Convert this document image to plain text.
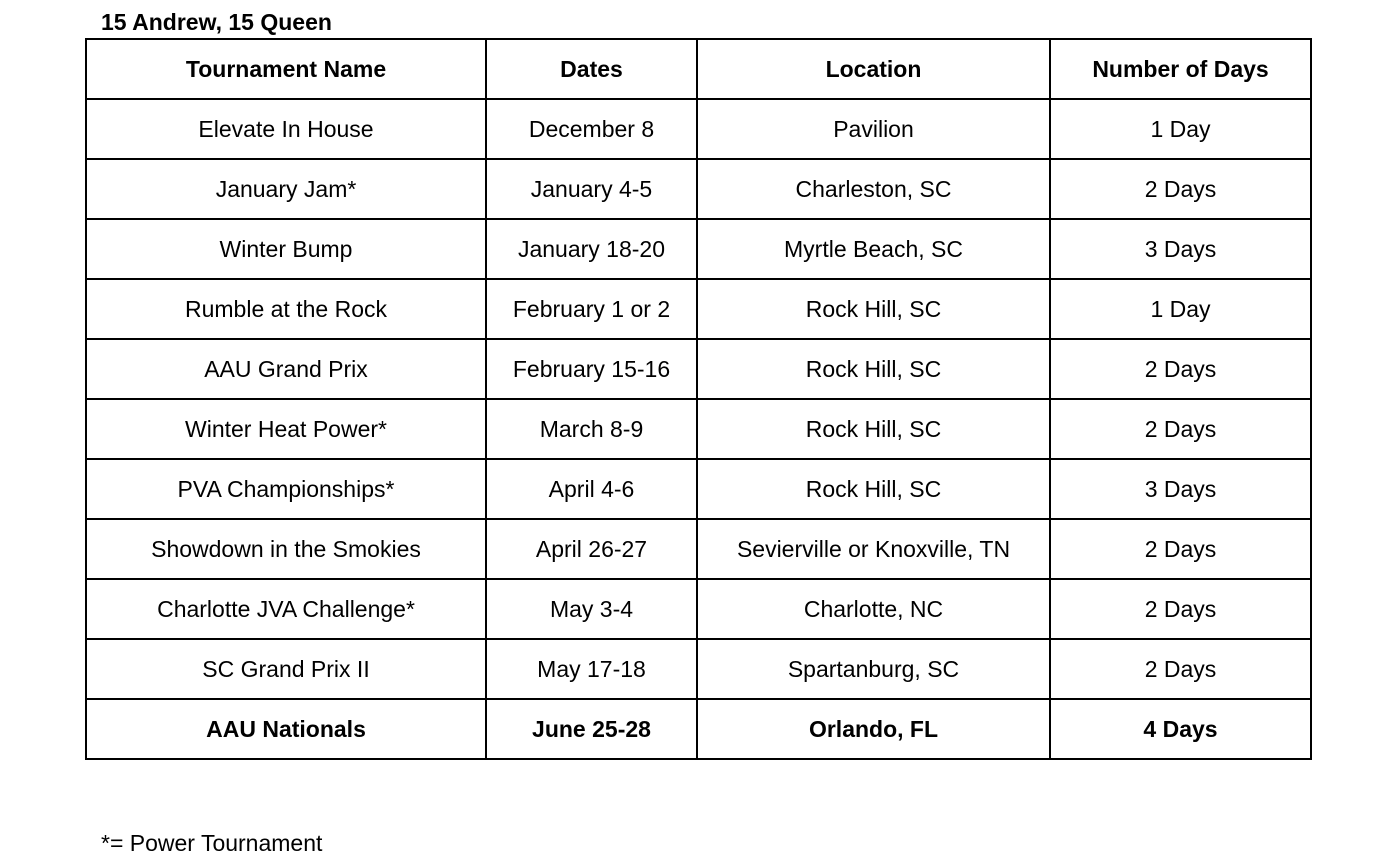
15 Andrew, 15 Queen
Tournament Name	Dates	Location	Number of Days
Elevate In House	December 8	Pavilion	1 Day
January Jam*	January 4-5	Charleston, SC	2 Days
Winter Bump	January 18-20	Myrtle Beach, SC	3 Days
Rumble at the Rock	February 1 or 2	Rock Hill, SC	1 Day
AAU Grand Prix	February 15-16	Rock Hill, SC	2 Days
Winter Heat Power*	March 8-9	Rock Hill, SC	2 Days
PVA Championships*	April 4-6	Rock Hill, SC	3 Days
Showdown in the Smokies	April 26-27	Sevierville or Knoxville, TN	2 Days
Charlotte JVA Challenge*	May 3-4	Charlotte, NC	2 Days
SC Grand Prix II	May 17-18	Spartanburg, SC	2 Days
AAU Nationals	June 25-28	Orlando, FL	4 Days
*= Power Tournament
